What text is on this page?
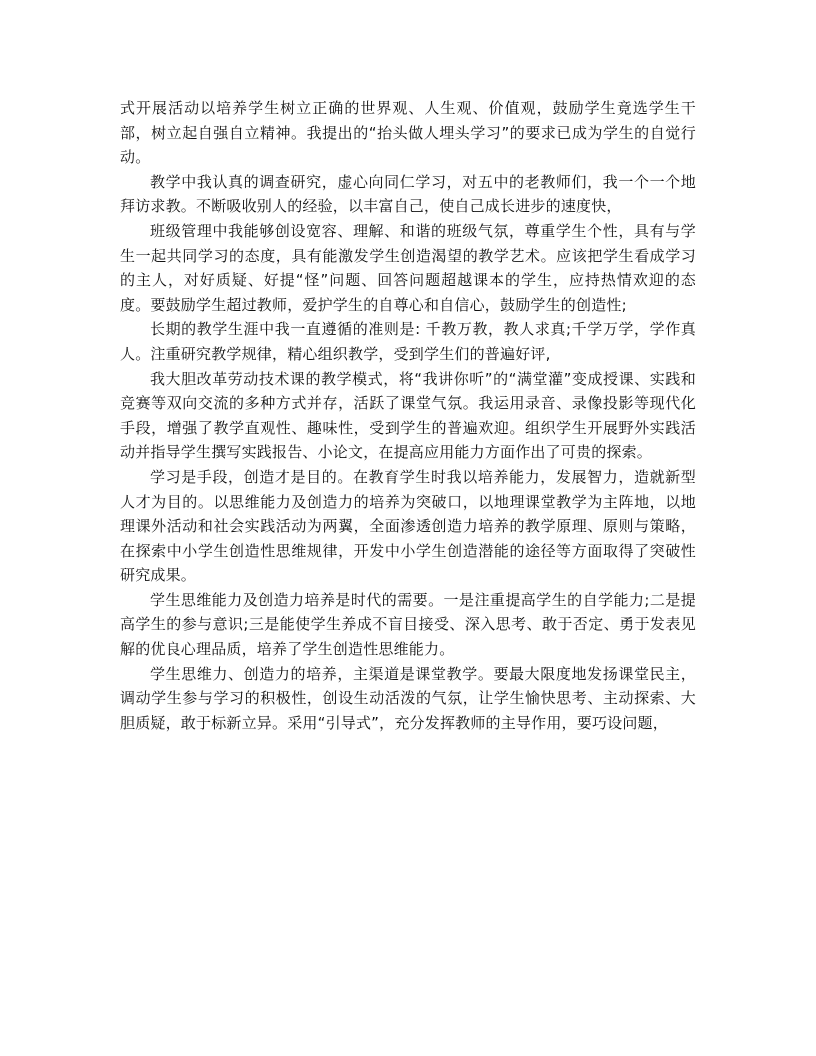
式开展活动以培养学生树立正确的世界观、人生观、价值观，鼓励学生竟选学生干部，树立起自强自立精神。我提出的“抬头做人埋头学习”的要求已成为学生的自觉行动。

教学中我认真的调查研究，虚心向同仁学习，对五中的老教师们，我一个一个地拜访求教。不断吸收别人的经验，以丰富自己，使自己成长进步的速度快，

班级管理中我能够创设宽容、理解、和谐的班级气氛，尊重学生个性，具有与学生一起共同学习的态度，具有能激发学生创造渴望的教学艺术。应该把学生看成学习的主人，对好质疑、好提“怪”问题、回答问题超越课本的学生，应持热情欢迎的态度。要鼓励学生超过教师，爱护学生的自尊心和自信心，鼓励学生的创造性;

长期的教学生涯中我一直遵循的准则是: 千教万教，教人求真;千学万学，学作真人。注重研究教学规律，精心组织教学，受到学生们的普遍好评,

我大胆改革劳动技术课的教学模式，将“我讲你听”的“满堂灌”变成授课、实践和竞赛等双向交流的多种方式并存，活跃了课堂气氛。我运用录音、录像投影等现代化手段，增强了教学直观性、趣味性，受到学生的普遍欢迎。组织学生开展野外实践活动并指导学生撰写实践报告、小论文，在提高应用能力方面作出了可贵的探索。

学习是手段，创造才是目的。在教育学生时我以培养能力，发展智力，造就新型人才为目的。以思维能力及创造力的培养为突破口，以地理课堂教学为主阵地，以地理课外活动和社会实践活动为两翼，全面渗透创造力培养的教学原理、原则与策略，在探索中小学生创造性思维规律，开发中小学生创造潜能的途径等方面取得了突破性研究成果。

学生思维能力及创造力培养是时代的需要。一是注重提高学生的自学能力;二是提高学生的参与意识;三是能使学生养成不盲目接受、深入思考、敢于否定、勇于发表见解的优良心理品质，培养了学生创造性思维能力。

学生思维力、创造力的培养，主渠道是课堂教学。要最大限度地发扬课堂民主，调动学生参与学习的积极性，创设生动活泼的气氛，让学生愉快思考、主动探索、大胆质疑，敢于标新立异。采用“引导式”，充分发挥教师的主导作用，要巧设问题，
